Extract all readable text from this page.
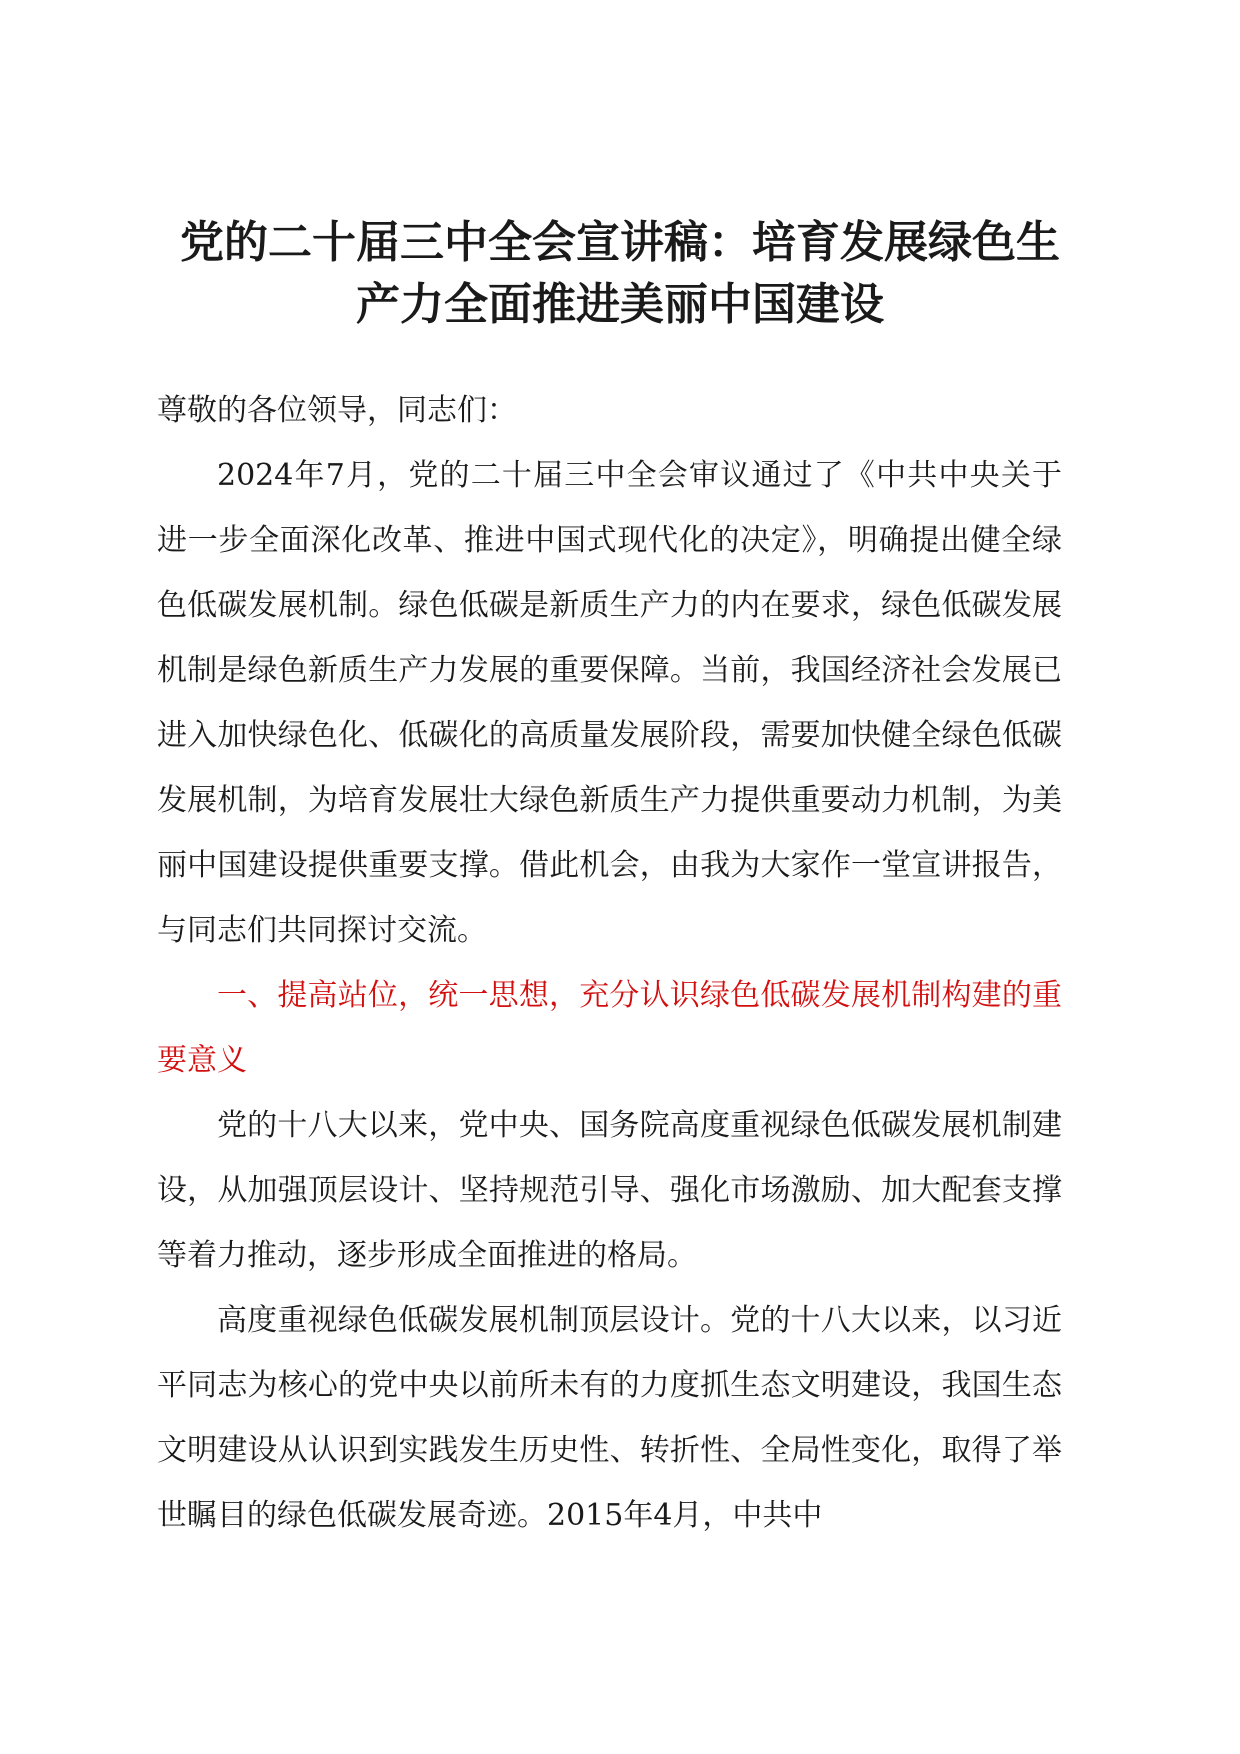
党的二十届三中全会宣讲稿：培育发展绿色生
产力全面推进美丽中国建设

尊敬的各位领导，同志们：

2024年7月，党的二十届三中全会审议通过了《中共中央关于进一步全面深化改革、推进中国式现代化的决定》，明确提出健全绿色低碳发展机制。绿色低碳是新质生产力的内在要求，绿色低碳发展机制是绿色新质生产力发展的重要保障。当前，我国经济社会发展已进入加快绿色化、低碳化的高质量发展阶段，需要加快健全绿色低碳发展机制，为培育发展壮大绿色新质生产力提供重要动力机制，为美丽中国建设提供重要支撑。借此机会，由我为大家作一堂宣讲报告，与同志们共同探讨交流。

一、提高站位，统一思想，充分认识绿色低碳发展机制构建的重要意义

党的十八大以来，党中央、国务院高度重视绿色低碳发展机制建设，从加强顶层设计、坚持规范引导、强化市场激励、加大配套支撑等着力推动，逐步形成全面推进的格局。

高度重视绿色低碳发展机制顶层设计。党的十八大以来，以习近平同志为核心的党中央以前所未有的力度抓生态文明建设，我国生态文明建设从认识到实践发生历史性、转折性、全局性变化，取得了举世瞩目的绿色低碳发展奇迹。2015年4月，中共中
